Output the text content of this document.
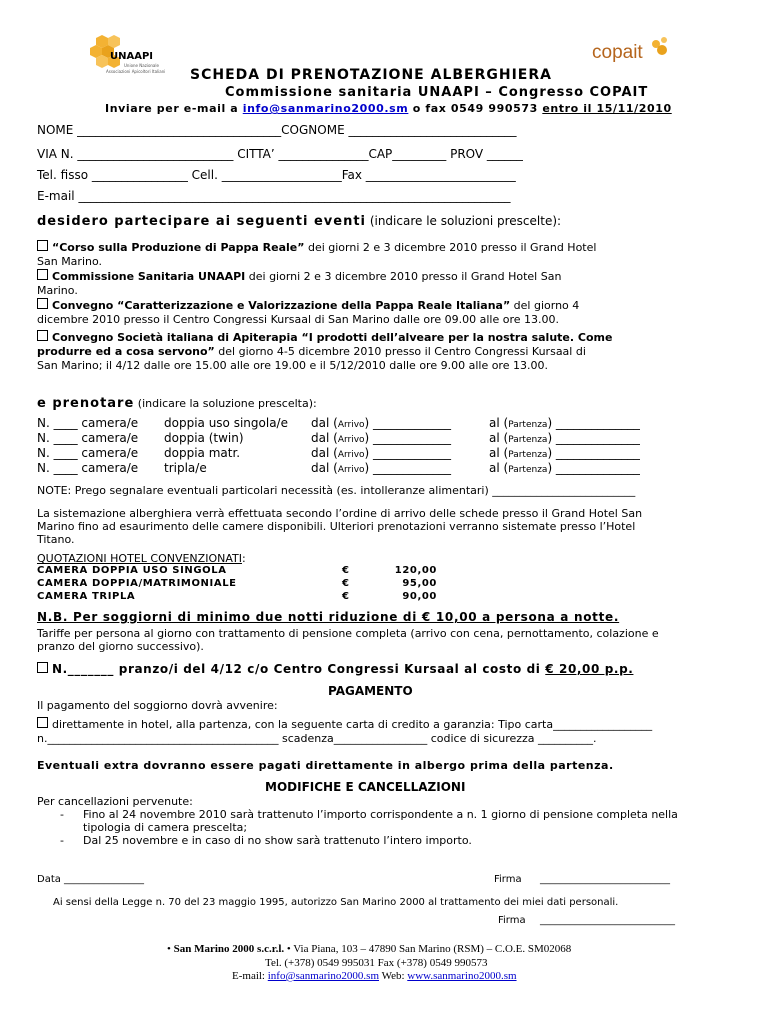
UNAAPI
Unione Nazionale
Associazioni Apicoltori Italiani
copait
SCHEDA DI PRENOTAZIONE ALBERGHIERA
Commissione sanitaria UNAAPI – Congresso COPAIT
Inviare per e-mail a info@sanmarino2000.sm o fax 0549 990573 entro il 15/11/2010
NOME __________________________________COGNOME ____________________________
VIA N. __________________________ CITTA’ _______________CAP_________ PROV ______
Tel. fisso ________________ Cell. ____________________Fax _________________________
E-mail ________________________________________________________________________
desidero partecipare ai seguenti eventi (indicare le soluzioni prescelte):
“Corso sulla Produzione di Pappa Reale” dei giorni 2 e 3 dicembre 2010 presso il Grand Hotel
San Marino.
Commissione Sanitaria UNAAPI dei giorni 2 e 3 dicembre 2010 presso il Grand Hotel San
Marino.
Convegno “Caratterizzazione e Valorizzazione della Pappa Reale Italiana” del giorno 4
dicembre 2010 presso il Centro Congressi Kursaal di San Marino dalle ore 09.00 alle ore 13.00.
Convegno Società italiana di Apiterapia “I prodotti dell’alveare per la nostra salute. Come
produrre ed a cosa servono” del giorno 4-5 dicembre 2010 presso il Centro Congressi Kursaal di
San Marino; il 4/12 dalle ore 15.00 alle ore 19.00 e il 5/12/2010 dalle ore 9.00 alle ore 13.00.
e prenotare (indicare la soluzione prescelta):
N. ____ camera/e doppia uso singola/e dal (Arrivo) _____________	al (Partenza) ______________
N. ____ camera/e doppia (twin)	dal (Arrivo) _____________	al (Partenza) ______________
N. ____ camera/e doppia matr.	dal (Arrivo) _____________	al (Partenza) ______________
N. ____ camera/e tripla/e	dal (Arrivo) _____________	al (Partenza) ______________
NOTE: Prego segnalare eventuali particolari necessità (es. intolleranze alimentari) __________________________
La sistemazione alberghiera verrà effettuata secondo l’ordine di arrivo delle schede presso il Grand Hotel San
Marino fino ad esaurimento delle camere disponibili. Ulteriori prenotazioni verranno sistemate presso l’Hotel
Titano.
QUOTAZIONI HOTEL CONVENZIONATI:
CAMERA DOPPIA USO SINGOLA	€	120,00
CAMERA DOPPIA/MATRIMONIALE	€	95,00
CAMERA TRIPLA	€	90,00
N.B. Per soggiorni di minimo due notti riduzione di € 10,00 a persona a notte.
Tariffe per persona al giorno con trattamento di pensione completa (arrivo con cena, pernottamento, colazione e
pranzo del giorno successivo).
N._______ pranzo/i del 4/12 c/o Centro Congressi Kursaal al costo di € 20,00 p.p.
PAGAMENTO
Il pagamento del soggiorno dovrà avvenire:
direttamente in hotel, alla partenza, con la seguente carta di credito a garanzia: Tipo carta__________________
n.__________________________________________ scadenza_________________ codice di sicurezza __________.
Eventuali extra dovranno essere pagati direttamente in albergo prima della partenza.
MODIFICHE E CANCELLAZIONI
Per cancellazioni pervenute:
- Fino al 24 novembre 2010 sarà trattenuto l’importo corrispondente a n. 1 giorno di pensione completa nella
tipologia di camera prescelta;
- Dal 25 novembre e in caso di no show sarà trattenuto l’intero importo.
Data ________________	Firma __________________________
Ai sensi della Legge n. 70 del 23 maggio 1995, autorizzo San Marino 2000 al trattamento dei miei dati personali.
Firma ___________________________
• San Marino 2000 s.c.r.l. • Via Piana, 103 – 47890 San Marino (RSM) – C.O.E. SM02068
Tel. (+378) 0549 995031 Fax (+378) 0549 990573
E-mail: info@sanmarino2000.sm Web: www.sanmarino2000.sm
